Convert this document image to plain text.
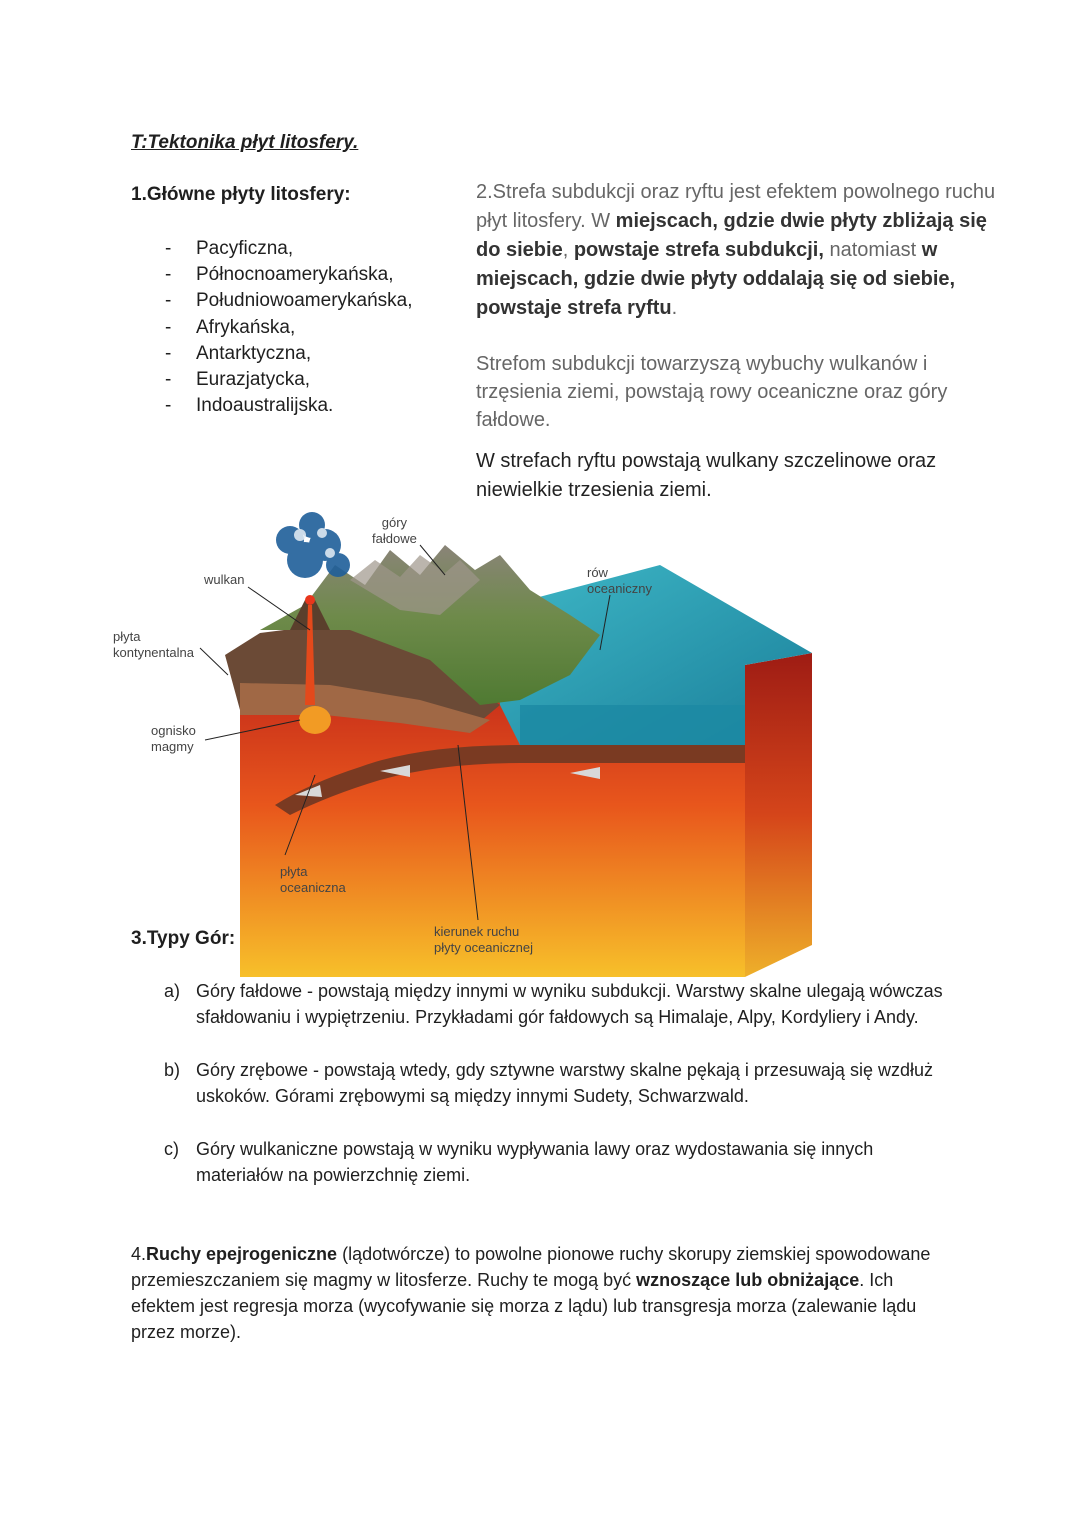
T:Tektonika płyt litosfery.
1.Główne płyty litosfery:
- Pacyficzna,
- Północnoamerykańska,
- Południowoamerykańska,
- Afrykańska,
- Antarktyczna,
- Eurazjatycka,
- Indoaustralijska.
2.Strefa subdukcji oraz ryftu jest efektem powolnego ruchu płyt litosfery. W miejscach, gdzie dwie płyty zbliżają się do siebie, powstaje strefa subdukcji, natomiast w miejscach, gdzie dwie płyty oddalają się od siebie, powstaje strefa ryftu.
Strefom subdukcji towarzyszą wybuchy wulkanów i trzęsienia ziemi, powstają rowy oceaniczne oraz góry fałdowe.
W strefach ryftu powstają wulkany szczelinowe oraz niewielkie trzesienia ziemi.
góry
fałdowe
wulkan	rów
oceaniczny
płyta
kontynentalna
ognisko
magmy
płyta
oceaniczna
kierunek ruchu
płyty oceanicznej
3.Typy Gór:
a) Góry fałdowe - powstają między innymi w wyniku subdukcji. Warstwy skalne ulegają wówczas sfałdowaniu i wypiętrzeniu. Przykładami gór fałdowych są Himalaje, Alpy, Kordyliery i Andy.
b) Góry zrębowe - powstają wtedy, gdy sztywne warstwy skalne pękają i przesuwają się wzdłuż uskoków. Górami zrębowymi są między innymi Sudety, Schwarzwald.
c) Góry wulkaniczne powstają w wyniku wypływania lawy oraz wydostawania się innych materiałów na powierzchnię ziemi.
4.Ruchy epejrogeniczne (lądotwórcze) to powolne pionowe ruchy skorupy ziemskiej spowodowane przemieszczaniem się magmy w litosferze. Ruchy te mogą być wznoszące lub obniżające. Ich efektem jest regresja morza (wycofywanie się morza z lądu) lub transgresja morza (zalewanie lądu przez morze).
